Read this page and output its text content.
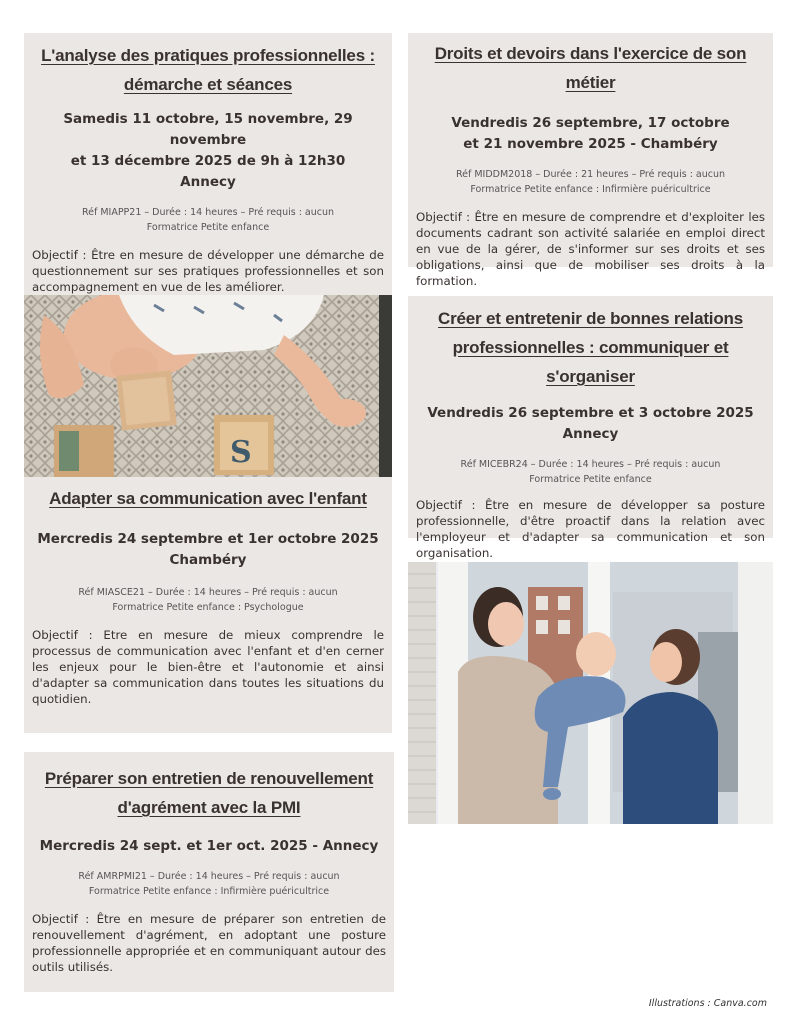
L'analyse des pratiques professionnelles :

démarche et séances

Samedis 11 octobre, 15 novembre, 29 novembre

et 13 décembre 2025 de 9h à 12h30

Annecy

Réf MIAPP21 – Durée : 14 heures – Pré requis : aucun

Formatrice Petite enfance

Objectif : Être en mesure de développer une démarche de questionnement sur ses pratiques professionnelles et son accompagnement en vue de les améliorer.

S

Adapter sa communication avec l'enfant

Mercredis 24 septembre et 1er octobre 2025

Chambéry

Réf MIASCE21 – Durée : 14 heures – Pré requis : aucun

Formatrice Petite enfance : Psychologue

Objectif : Etre en mesure de mieux comprendre le processus de communication avec l'enfant et d'en cerner les enjeux pour le bien-être et l'autonomie et ainsi d'adapter sa communication dans toutes les situations du quotidien.

Préparer son entretien de renouvellement

d'agrément avec la PMI

Mercredis 24 sept. et 1er oct. 2025 - Annecy

Réf AMRPMI21 – Durée : 14 heures – Pré requis : aucun

Formatrice Petite enfance : Infirmière puéricultrice

Objectif : Être en mesure de préparer son entretien de renouvellement d'agrément, en adoptant une posture professionnelle appropriée et en communiquant autour des outils utilisés.

Droits et devoirs dans l'exercice de son métier

Vendredis 26 septembre, 17 octobre

et 21 novembre 2025 - Chambéry

Réf MIDDM2018 – Durée : 21 heures – Pré requis : aucun

Formatrice Petite enfance : Infirmière puéricultrice

Objectif : Être en mesure de comprendre et d'exploiter les documents cadrant son activité salariée en emploi direct en vue de la gérer, de s'informer sur ses droits et ses obligations, ainsi que de mobiliser ses droits à la formation.

Créer et entretenir de bonnes relations

professionnelles : communiquer et s'organiser

Vendredis 26 septembre et 3 octobre 2025

Annecy

Réf MICEBR24 – Durée : 14 heures – Pré requis : aucun

Formatrice Petite enfance

Objectif : Être en mesure de développer sa posture professionnelle, d'être proactif dans la relation avec l'employeur et d'adapter sa communication et son organisation.

Illustrations : Canva.com
